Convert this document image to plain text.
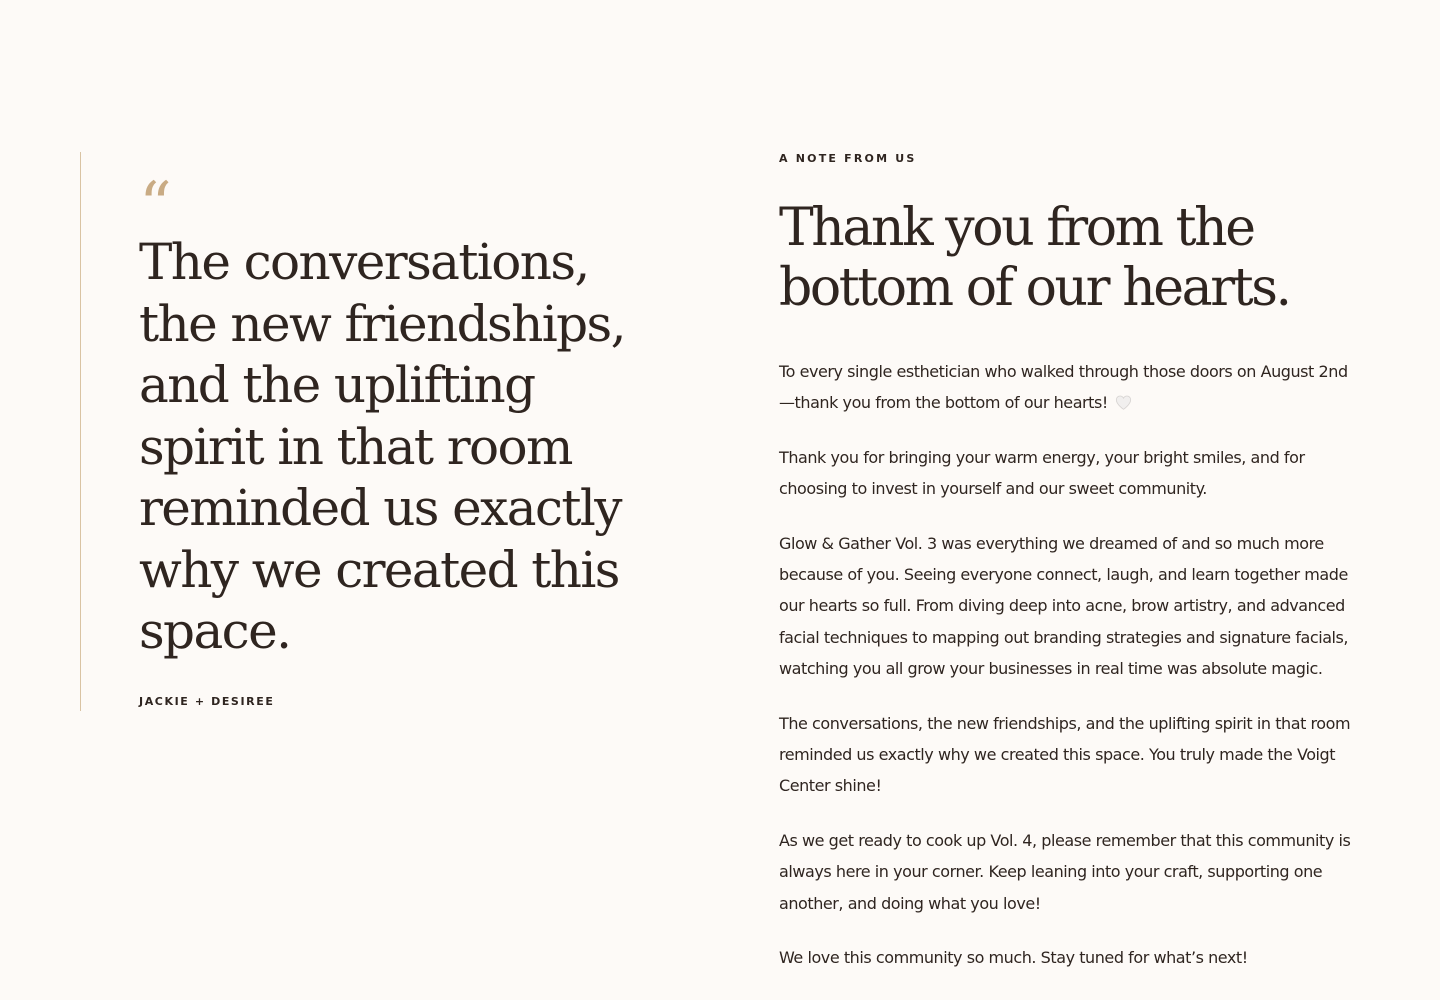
“
The conversations, the new friendships, and the uplifting spirit in that room reminded us exactly why we created this space.
JACKIE + DESIREE

A NOTE FROM US

Thank you from the bottom of our hearts.

To every single esthetician who walked through those doors on August 2nd—thank you from the bottom of our hearts!

Thank you for bringing your warm energy, your bright smiles, and for choosing to invest in yourself and our sweet community.

Glow & Gather Vol. 3 was everything we dreamed of and so much more because of you. Seeing everyone connect, laugh, and learn together made our hearts so full. From diving deep into acne, brow artistry, and advanced facial techniques to mapping out branding strategies and signature facials, watching you all grow your businesses in real time was absolute magic.

The conversations, the new friendships, and the uplifting spirit in that room reminded us exactly why we created this space. You truly made the Voigt Center shine!

As we get ready to cook up Vol. 4, please remember that this community is always here in your corner. Keep leaning into your craft, supporting one another, and doing what you love!

We love this community so much. Stay tuned for what’s next!
